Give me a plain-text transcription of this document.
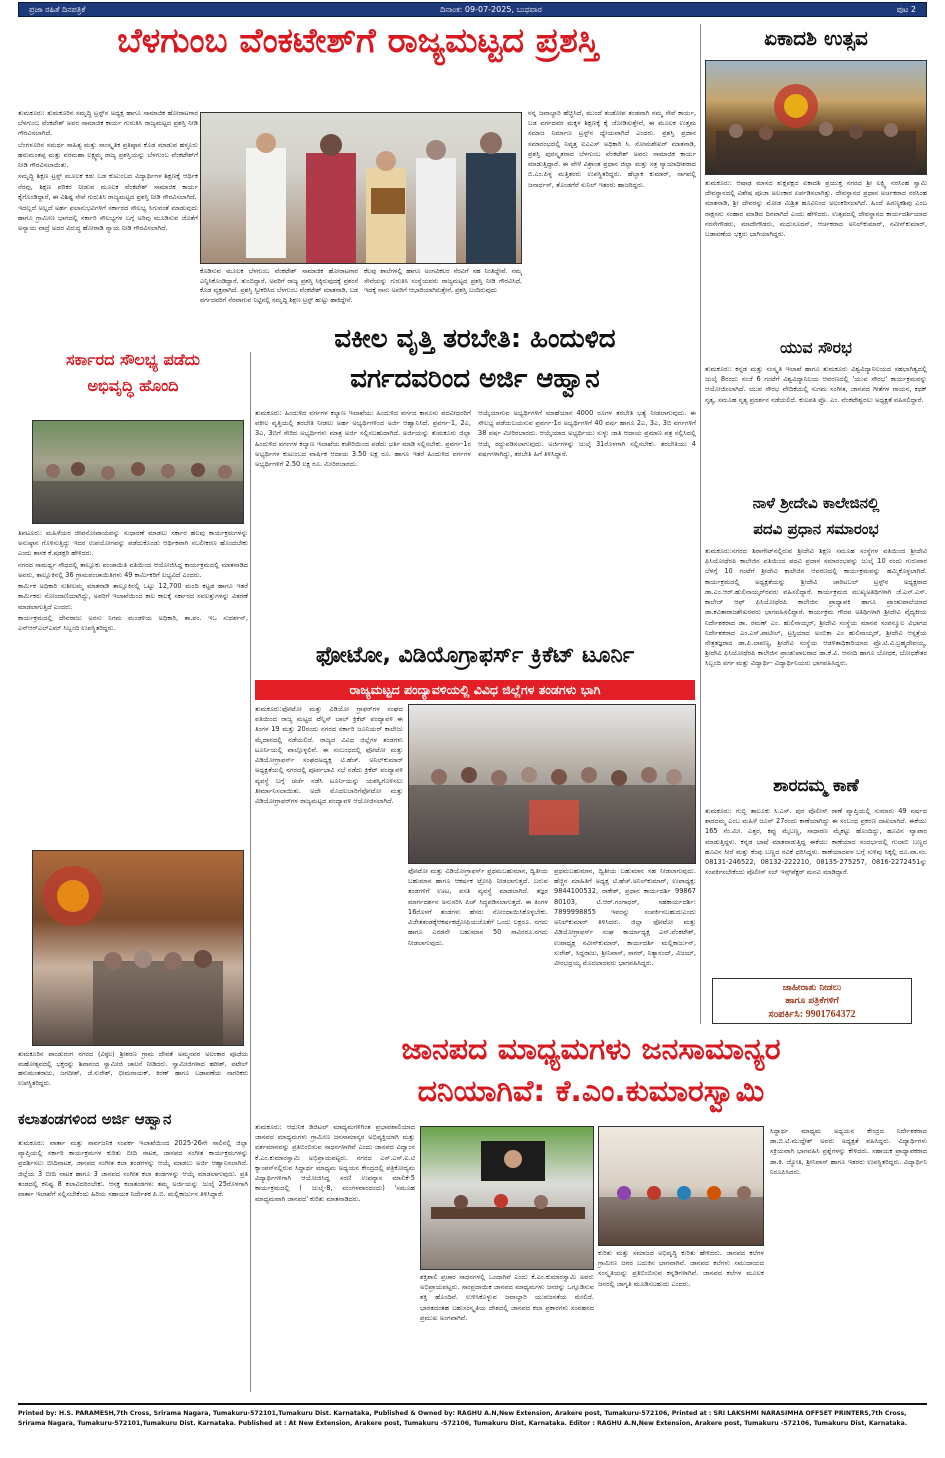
ಪ್ರಜಾ ರಹಿತೆ ದಿನಪತ್ರಿಕೆ	ದಿನಾಂಕ: 09-07-2025, ಬುಧವಾರ	ಪುಟ 2
ಬೆಳಗುಂಬ ವೆಂಕಟೇಶ್‌ಗೆ ರಾಜ್ಯಮಟ್ಟದ ಪ್ರಶಸ್ತಿ	ಏಕಾದಶಿ ಉತ್ಸವ
ತುಮಕೂರು: ಆಷಾಢ ಮಾಸದ ಶುಕ್ಲಪಕ್ಷದ ಏಕಾದಶಿ ಪ್ರಯುಕ್ತ ನಗರದ ಶ್ರೀ ಲಕ್ಷ್ಮಿ ನರಸಿಂಹ ಸ್ವಾಮಿ ದೇವಸ್ಥಾನದಲ್ಲಿ ವಿಶೇಷ ಪೂಜಾ ಅಲಂಕಾರ ಏರ್ಪಡಿಸಲಾಗಿತ್ತು. ದೇವಸ್ಥಾನದ ಪ್ರಧಾನ ಅರ್ಚಕರಾದ ನರಸಿಂಹ ಮಾತನಾಡಿ, ಶ್ರೀ ದೇವರನ್ನು ಮೋಡ ಮಿಶ್ರಿತ ಹೂವಿನಿಂದ ಅಲಂಕರಿಸಲಾಗಿದೆ. ಹಿಂದೆ ಹಿರಣ್ಯಕಶಿಪು ಎಂಬ ರಾಕ್ಷಸನು ಸಂಹಾರ ಮಾಡಿದ ದಿನವಾಗಿದೆ ಎಂದು ಹೇಳಿದರು. ಉತ್ಸವದಲ್ಲಿ ದೇವಸ್ಥಾನದ ಕಾರ್ಯದರ್ಶಿಯಾದ ನರಸೇಗೌಡರು, ಮಾದೇಗೌಡರು, ಮಧುಸೂದನ್, ಆರ್ಚಕರಾದ ಅನಿಲ್‌ಕುಮಾರ್, ನವೀನ್‌ಕುಮಾರ್, ಬಡಾವಣೆಯ ಭಕ್ತರು ಭಾಗಿಯಾಗಿದ್ದರು.
ಯುವ ಸೌರಭ
ತುಮಕೂರು: ಕನ್ನಡ ಮತ್ತು ಸಂಸ್ಕೃತಿ ಇಲಾಖೆ ಹಾಗೂ ತುಮಕೂರು ವಿಶ್ವವಿದ್ಯಾನಿಲಯದ ಸಹಭಾಗಿತ್ವದಲ್ಲಿ ಜುಲೈ 8ರಂದು ಸಂಜೆ 6 ಗಂಟೆಗೆ ವಿಶ್ವವಿದ್ಯಾನಿಲಯ ಆವರಣದಲ್ಲಿ 'ಯುವ ಸೌರಭ' ಕಾರ್ಯಕ್ರಮವನ್ನು ಆಯೋಜಿಸಲಾಗಿದೆ. ಯುವ ಸೌರಭ ವೇದಿಕೆಯಲ್ಲಿ ಸುಗಮ ಸಂಗೀತ, ಜಾನಪದ ಗೀತೆಗಳ ಗಾಯನ, ಕಥಕ್ ನೃತ್ಯ, ಸಮೂಹ ನೃತ್ಯ ಪ್ರದರ್ಶನ ನಡೆಯಲಿದೆ. ಕುಲಪತಿ ಪ್ರೊ. ಎಂ. ವೆಂಕಟೇಶ್ವರಲು ಅಧ್ಯಕ್ಷತೆ ವಹಿಸಲಿದ್ದಾರೆ.
ನಾಳೆ ಶ್ರೀದೇವಿ ಕಾಲೇಜಿನಲ್ಲಿ
ಪದವಿ ಪ್ರಧಾನ ಸಮಾರಂಭ
ತುಮಕೂರು:ನಗರದ ಶಿರಾಗೇಟ್‌ನಲ್ಲಿರುವ ಶ್ರೀದೇವಿ ಶಿಕ್ಷಣ ಸಮೂಹ ಸಂಸ್ಥೆಗಳ ವತಿಯಿಂದ ಶ್ರೀದೇವಿ ಫಿಸಿಯೋಥೆರಪಿ ಕಾಲೇಜಿನ ವತಿಯಿಂದ ಪದವಿ ಪ್ರದಾನ ಸಮಾರಂಭವನ್ನು ಜುಲೈ 10 ರಂದು ಗುರುವಾರ ಬೆಳಗ್ಗೆ 10 ಗಂಟೆಗೆ ಶ್ರೀದೇವಿ ಕಾಲೇಜಿನ ಆವರಣದಲ್ಲಿ ಕಾರ್ಯಕ್ರಮವನ್ನು ಹಮ್ಮಿಕೊಳ್ಳಲಾಗಿದೆ. ಕಾರ್ಯಕ್ರಮದಲ್ಲಿ ಅಧ್ಯಕ್ಷತೆಯನ್ನು ಶ್ರೀದೇವಿ ಚಾರಿಟಬಲ್ ಟ್ರಸ್ಟ್‌ನ ಅಧ್ಯಕ್ಷರಾದ ಡಾ.ಎಂ.ಆರ್.ಹುಲಿನಾಯ್ಕರ್‌ರವರು ವಹಿಸಲಿದ್ದಾರೆ. ಕಾರ್ಯಕ್ರಮದ ಮುಖ್ಯಅತಿಥಿಗಳಾಗಿ ಜೆ.ಎಸ್.ಎಸ್. ಕಾಲೇಜ್ ಆಫ್ ಫಿಸಿಯೋಥೆರಪಿ ಕಾಲೇಜಿನ ಪ್ರಾಧ್ಯಾಪಕಿ ಹಾಗೂ ಪ್ರಾಂಶುಪಾಲೆಯಾದ ಡಾ.ಕವಿತಾರಾಜಶೇಖರವರು ಭಾಗವಹಿಸಲಿದ್ದಾರೆ. ಕಾರ್ಯಕ್ರಮ ಗೌರವ ಅತಿಥಿಗಳಾಗಿ ಶ್ರೀದೇವಿ ವೈದ್ಯಕೀಯ ನಿರ್ದೇಶಕರಾದ ಡಾ. ರಮಣ್ ಎಂ. ಹುಲಿನಾಯ್ಕರ್, ಶ್ರೀದೇವಿ ಸಂಸ್ಥೆಯ ಮಾನವ ಸಂಪನ್ಮೂಲ ವಿಭಾಗದ ನಿರ್ದೇಶಕರಾದ ಎಂ.ಎಸ್.ಪಾಟೀಲ್, ಟ್ರಸ್ಟಿಯಾದ ಅಂಬಿಕಾ ಎಂ ಹುಲಿನಾಯ್ಕರ್, ಶ್ರೀದೇವಿ ಆಸ್ಪತ್ರೆಯ ನೇತ್ರತಜ್ಞರಾದ ಡಾ.ಪಿ.ಲಾವಣ್ಯ, ಶ್ರೀದೇವಿ ಸಂಸ್ಥೆಯ ಆಡಳಿತಾಧಿಕಾರಿಯಾದ ಪ್ರೊ.ಟಿ.ವಿ.ಬ್ರಹ್ಮದೇವಯ್ಯ, ಶ್ರೀದೇವಿ ಫಿಸಿಯೋಥೆರಪಿ ಕಾಲೇಜಿನ ಪ್ರಾಂಶುಪಾಲರಾದ ಡಾ.ಕೆ.ವಿ. ಆನಂದಿ ಹಾಗೂ ಬೋಧಕ, ಬೋಧಕೇತರ ಸಿಬ್ಬಂದಿ ವರ್ಗ ಮತ್ತು ವಿದ್ಯಾರ್ಥಿ- ವಿದ್ಯಾರ್ಥಿನಿಯರು ಭಾಗವಹಿಸಿದ್ದರು.
ಶಾರದಮ್ಮ ಕಾಣೆ
ತುಮಕೂರು: ಗುಬ್ಬಿ ತಾಲೂಕು ಸಿ.ಎಸ್. ಪುರ ಪೊಲೀಸ್ ಠಾಣೆ ವ್ಯಾಪ್ತಿಯಲ್ಲಿ ಸುಮಾರು 49 ವರ್ಷದ ಶಾರದಮ್ಮ ಎಂಬ ಮಹಿಳೆ ಜೂನ್ 27ರಂದು ಕಾಣೆಯಾಗಿದ್ದು ಈ ಸಂಬಂಧ ಪ್ರಕರಣ ದಾಖಲಾಗಿದೆ. ಈಕೆಯು 165 ಸೆಂ.ಮೀ. ಎತ್ತರ, ಕಪ್ಪು ಮೈಬಣ್ಣ, ಸಾಧಾರಣ ಮೈಕಟ್ಟು ಹೊಂದಿದ್ದು, ಹೂವಿನ ವ್ಯಾಪಾರ ಮಾಡುತ್ತಿದ್ದಳು. ಕನ್ನಡ ಭಾಷೆ ಮಾತನಾಡುತ್ತಿದ್ದ ಈಕೆಯು ಕಾಣೆಯಾದ ಸಂದರ್ಭದಲ್ಲಿ ಗುಲಾಬಿ ಬಣ್ಣದ ಹೂವಿನ ಸೀರೆ ಮತ್ತು ಕೆಂಪು ಬಣ್ಣದ ರವಿಕೆ ಧರಿಸಿದ್ದಳು. ಕಾಣೆಯಾದವಳ ಬಗ್ಗೆ ಸುಳಿವು ಸಿಕ್ಕಲ್ಲಿ ದೂ.ವಾ.ಸಂ. 08131-246522, 08132-222210, 08135-275257, 0816-2272451ನ್ನು ಸಂಪರ್ಕಿಸಬೇಕೆಂದು ಪೊಲೀಸ್ ಸಬ್ ಇನ್ಸ್‌ಪೆಕ್ಟರ್ ಮನವಿ ಮಾಡಿದ್ದಾರೆ.
ಜಾಹೀರಾತು ನೀಡಲು
ಹಾಗೂ ಪತ್ರಿಕೆಗಳಿಗೆ
ಸಂಪರ್ಕಿಸಿ: 9901764372

ತುಮಕೂರು: ತುಮಕೂರಿನ ಸಮೃದ್ಧಿ ಟ್ರಸ್ಟ್‌ನ ಅಧ್ಯಕ್ಷ ಹಾಗೂ ಸಾಮಾಜಿಕ ಹೋರಾಟಗಾರ ಬೆಳಗುಂಬ ವೆಂಕಟೇಶ್ ಅವರ ಸಾಮಾಜಿಕ ಕಾರ್ಯ ಗುರುತಿಸಿ ರಾಜ್ಯಮಟ್ಟದ ಪ್ರಶಸ್ತಿ ನೀಡಿ ಗೌರವಿಸಲಾಗಿದೆ.

ಬೆಂಗಳೂರಿನ ಸಮರ್ಥ ಸಾಹಿತ್ಯ ಮತ್ತು ಸಾಂಸ್ಕೃತಿಕ ಪ್ರತಿಷ್ಠಾನ ಕೊಡ ಮಾಡುವ ಹಳ್ಳೂರು ಹನುಮಂತಪ್ಪ ಮತ್ತು ವರಮಹಾ ಲಕ್ಷ್ಮಮ್ಮ ರಾಜ್ಯ ಪ್ರಶಸ್ತಿಯನ್ನು ಬೆಳಗುಂಬ ವೆಂಕಟೇಶ್‌ಗೆ ನೀಡಿ ಗೌರವಿಸಲಾಯಿತು.

ಸಮೃದ್ಧಿ ಶಿಕ್ಷಣ ಟ್ರಸ್ಟ್ ಮೂಲಕ ಕಡು ಬಡ ಕುಟುಂಬದ ವಿದ್ಯಾರ್ಥಿಗಳ ಶಿಕ್ಷಣಕ್ಕೆ ಆರ್ಥಿಕ ನೆರವು, ಶಿಕ್ಷಣ ಪರಿಕರ ನೀಡುವ ಮೂಲಕ ವೆಂಕಟೇಶ್ ಸಾಮಾಜಿಕ ಕಾರ್ಯ ಕೈಗೊಂಡಿದ್ದಾರೆ, ಈ ವಿಶಿಷ್ಟ ಸೇವೆ ಗುರುತಿಸಿ ರಾಜ್ಯಮಟ್ಟದ ಪ್ರಶಸ್ತಿ ನೀಡಿ ಗೌರವಿಸಲಾಗಿದೆ.

ಇದಲ್ಲದೆ ಅಲ್ಲದೆ ಅರ್ಹ ಫಲಾನುಭವಿಗಳಿಗೆ ಸರ್ಕಾರದ ಸೌಲಭ್ಯ ಸಿಗುವಂತೆ ಮಾಡುವುದು ಹಾಗೂ ಗ್ರಾಮೀಣ ಭಾಗದಲ್ಲಿ ಸರ್ಕಾರಿ ಸೌಲಭ್ಯಗಳ ಬಗ್ಗೆ ಅರಿವು ಮೂಡಿಸುವ ಜೊತೆಗೆ ಅನ್ಯಾಯ ವಾದ್ರೆ ಅದರ ವಿರುದ್ಧ ಹೋರಾಡಿ ನ್ಯಾಯ ನೀಡಿ ಗೌರವಿಸಲಾಗಿದೆ.

ಕೊಡಿಸುವ ಮೂಲಕ ಬೆಳಗುಂಬ ವೆಂಕಟೇಶ್ ಸಾಮಾಜಿಕ ಹೋರಾಟಗಾರ ಎನ್ನಿಸಿಕೊಂಡಿದ್ದಾರೆ. ತುಂಬಿದ್ದಾರೆ, ಅವರಿಗೆ ರಾಜ್ಯ ಪ್ರಶಸ್ತಿ ಸಿಕ್ಕಿರುವುದಕ್ಕೆ ಪ್ರಶಂಸೆ ಕೊಡ ವ್ಯಕ್ತವಾಗಿದೆ. ಪ್ರಶಸ್ತಿ ಸ್ವೀಕರಿಸಿದ ಬೆಳಗುಂಬ ವೆಂಕಟೇಶ್ ಮಾತನಾಡಿ, ಬಡ ವರ್ಗದವರಿಗೆ ನೆರವಾಗುವ ನಿಟ್ಟಿನಲ್ಲಿ ಸಮೃದ್ಧಿ ಶಿಕ್ಷಣ ಟ್ರಸ್ಟ್ ಹುಟ್ಟು ಹಾಕಿದ್ದೇನೆ.
ಕೆಲವು ಶಾಲೆಗಳಲ್ಲಿ ಹಾಗೂ ಅಂಗವಿಕಲರ ನೆರವಿಗೆ ಸಹ ನಿಂತಿದ್ದೇವೆ. ನಮ್ಮ ಸೇವೆಯನ್ನು ಗುರುತಿಸಿ ಸಂಸ್ಥೆಯವರು ರಾಜ್ಯಮಟ್ಟದ ಪ್ರಶಸ್ತಿ ನೀಡಿ ಗೌರವಿಸಿದೆ, ಇದಕ್ಕೆ ನಾನು ಅವರಿಗೆ ಆಭಾರಿಯಾಗಿರುತ್ತೇನೆ, ಪ್ರಶಸ್ತಿ ಬಂದಿರುವುದು
ನನ್ನ ಜವಾಬ್ದಾರಿ ಹೆಚ್ಚಿಸಿದೆ, ಮುಂದೆ ತಂಡೋಪ ತಂಡವಾಗಿ ನಮ್ಮ ಸೇವೆ ಕಾರ್ಯ, ಬಡ ವರ್ಗದವರ ಮಕ್ಕಳ ಶಿಕ್ಷಣಕ್ಕೆ ಕೈ ಜೋಡಿಸುತ್ತೇವೆ, ಈ ಮೂಲಕ ಉತ್ತಮ ಸಮಾಜ ನಿರ್ಮಾಣ ಟ್ರಸ್ಟ್‌ನ ಧ್ಯೇಯವಾಗಿದೆ ಎಂದರು. ಪ್ರಶಸ್ತಿ ಪ್ರದಾನ ಸಮಾರಂಭದಲ್ಲಿ ನಿವೃತ್ತ ಐಎಎಸ್ ಅಧಿಕಾರಿ ಸಿ. ಸೋಮಶೇಖರ್ ಮಾತನಾಡಿ, ಪ್ರಶಸ್ತಿ ಪುರಸ್ಕೃತರಾದ ಬೆಳಗುಂಬ ವೆಂಕಟೇಶ್ ಅವರು ಸಾಮಾಜಿಕ ಕಾರ್ಯ ಮಾಡುತ್ತಿದ್ದಾರೆ. ಈ ವೇಳೆ ವಿಶ್ರಾಂತ ಪ್ರಧಾನ ಜಿಲ್ಲಾ ಮತ್ತು ಸತ್ರ ನ್ಯಾಯಾಧೀಶರಾದ ಬಿ.ಎಂ.ಪಿಳ್ಳ ಮತ್ತಿತರರು ಉಪಸ್ಥಿತರಿದ್ದರು. ಹೆಬ್ಬಾಕ ಕುಮಾರ್, ನಾಗವಲ್ಲಿ ಜನಾರ್ಧನ್, ತೊಂಡಗೆರೆ ಸುನಿಲ್ ಇತರರು ಹಾಜರಿದ್ದರು.
ಸರ್ಕಾರದ ಸೌಲಭ್ಯ ಪಡೆದು
ಅಭಿವೃದ್ಧಿ ಹೊಂದಿ

ತಿಪಟೂರು: ಮಹಿಳೆಯರ ಜೀವನೋಪಾಯವನ್ನು ಸುಧಾರಣೆ ಮಾಡಲು ಸರ್ಕಾರ ಹಲವು ಕಾರ್ಯಕ್ರಮಗಳನ್ನು ಅನುಷ್ಠಾನ ಗೊಳಿಸುತ್ತಿದ್ದು ಇದರ ಉಪಯೋಗವನ್ನು ಪಡೆದುಕೊಂಡು ಆರ್ಥಿಕವಾಗಿ ಸಬಲೀಕರಣ ಹೊಂದಬೇಕು ಎಂದು ಶಾಸಕ ಕೆ.ಷಡಕ್ಷರಿ ಹೇಳಿದರು.

ನಗರದ ಸಾಮರ್ಥ್ಯ ಸೌಧದಲ್ಲಿ ತಾಲ್ಲೂಕು ಪಂಚಾಯಿತಿ ವತಿಯಿಂದ ಆಯೋಜಿಸಿದ್ದ ಕಾರ್ಯಕ್ರಮದಲ್ಲಿ ಮಾತನಾಡಿದ ಅವರು, ತಾಲ್ಲೂಕಿನಲ್ಲಿ 36 ಗ್ರಾಮಪಂಚಾಯಿತಿಗಳು 49 ಕಾರ್ಮಿಕರಿಗೆ ಲಭ್ಯವಿದೆ ಎಂದರು.

ಕಾರ್ಮಿಕ ಅಧಿಕಾರಿ ಸುಶೀಲಮ್ಮ ಮಾತನಾಡಿ ತಾಲ್ಲೂಕಿನಲ್ಲಿ ಒಟ್ಟು 12,700 ಮಂದಿ ಕಟ್ಟಡ ಹಾಗೂ ಇತರೆ ಕಾರ್ಮಿಕರು ನೋಂದಾಣಿಯಾಗಿದ್ದು, ಅವರಿಗೆ ಇಲಾಖೆಯಿಂದ ಕಾಲ ಕಾಲಕ್ಕೆ ಸರ್ಕಾರದ ಸವಲತ್ತುಗಳನ್ನು ವಿತರಣೆ ಮಾಡಲಾಗುತ್ತಿದೆ ಎಂದರು.

ಕಾರ್ಯಕ್ರಮದಲ್ಲಿ ದೇವರಾಜು ಅರಸು ನಿಗಮ ಮಂಡಳಿಯ ಅಧಿಕಾರಿ, ತಾ.ಪಂ. ಇಒ ಸುದರ್ಶನ್, ಎನ್‌ಆರ್‌ಎಲ್‌ಎಮ್ ಸಿಬ್ಬಂದಿ ಉಪಸ್ಥಿತರಿದ್ದರು.

ತುಮಕೂರಿನ ಪಾಂಡುರಂಗ ನಗರದ (ವಿಠ್ಠಲ) ಶ್ರೀಶರಣ ಗ್ರಾಮ ದೇವತೆ ಅಮ್ಮನವರ ಅಲಂಕಾರ ಪೂಜೆಯ ಮಹೋತ್ಸವದಲ್ಲಿ ಭಕ್ತರನ್ನು ಶಿವಾನಂದ ಸ್ವಾಮೀಜಿ ಚಾಲನೆ ನೀಡಿದರು. ಸ್ವಾಮೀಜಿಗಳಾದ ಹರೀಶ್, ಪಟೇಲ್ ಹನುಮಂತರಾಜು, ಜಗದೀಶ್, ಜೆ.ಸುರೇಶ್, ಭೀಮನಾಯಕ್, ಕಿರಣ್ ಹಾಗೂ ಬಡಾವಣೆಯ ನಾಗರಿಕರು ಉಪಸ್ಥಿತರಿದ್ದರು.
ಕಲಾತಂಡಗಳಿಂದ ಅರ್ಜಿ ಆಹ್ವಾನ
ತುಮಕೂರು: ವಾರ್ತಾ ಮತ್ತು ಸಾರ್ವಜನಿಕ ಸಂಪರ್ಕ ಇಲಾಖೆಯಿಂದ 2025-26ನೇ ಸಾಲಿನಲ್ಲಿ ಜಿಲ್ಲಾ ವ್ಯಾಪ್ತಿಯಲ್ಲಿ ಸರ್ಕಾರಿ ಕಾರ್ಯಕ್ರಮಗಳ ಕುರಿತು ಬೀದಿ ನಾಟಕ, ಜಾನಪದ ಸಂಗೀತ ಕಾರ್ಯಕ್ರಮಗಳನ್ನು ಪ್ರದರ್ಶಿಸಲು ಬೀದಿನಾಟಕ, ಜಾನಪದ ಸಂಗೀತ ಕಲಾ ತಂಡಗಳನ್ನು ಆಯ್ಕೆ ಮಾಡಲು ಅರ್ಜಿ ಆಹ್ವಾನಿಸಲಾಗಿದೆ. ಜಿಲ್ಲೆಯ 3 ಬೀದಿ ನಾಟಕ ಹಾಗೂ 3 ಜಾನಪದ ಸಂಗೀತ ಕಲಾ ತಂಡಗಳನ್ನು ಆಯ್ಕೆ ಮಾಡಲಾಗುವುದು. ಪ್ರತಿ ತಂಡದಲ್ಲಿ ಕನಿಷ್ಟ 8 ಕಲಾವಿದರಿರಬೇಕು. ಆಸಕ್ತ ಕಲಾತಂಡಗಳು ತಮ್ಮ ಅರ್ಜಿಯನ್ನು ಜುಲೈ 25ರೊಳಗಾಗಿ ವಾರ್ತಾ ಇಲಾಖೆಗೆ ಸಲ್ಲಿಸಬೇಕೆಂದು ಹಿರಿಯ ಸಹಾಯಕ ನಿರ್ದೇಶಕ ಪಿ.ಬಿ. ಮಲ್ಲಿಕಾರ್ಜುನ ತಿಳಿಸಿದ್ದಾರೆ.
ವಕೀಲ ವೃತ್ತಿ ತರಬೇತಿ: ಹಿಂದುಳಿದ
ವರ್ಗದವರಿಂದ ಅರ್ಜಿ ಆಹ್ವಾನ
ತುಮಕೂರು: ಹಿಂದುಳಿದ ವರ್ಗಗಳ ಕಲ್ಯಾಣ ಇಲಾಖೆಯು ಹಿಂದುಳಿದ ವರ್ಗದ ಕಾನೂನು ಪದವೀಧರರಿಗೆ ವಕೀಲ ವೃತ್ತಿಯಲ್ಲಿ ತರಬೇತಿ ನೀಡಲು ಅರ್ಹ ಅಭ್ಯರ್ಥಿಗಳಿಂದ ಅರ್ಜಿ ಆಹ್ವಾನಿಸಿದೆ. ಪ್ರವರ್ಗ-1, 2ಎ, 3ಎ, 3ಬಿಗೆ ಸೇರಿದ ಅಭ್ಯರ್ಥಿಗಳು ಮಾತ್ರ ಅರ್ಜಿ ಸಲ್ಲಿಸಬಹುದಾಗಿದೆ. ಅರ್ಜಿಯನ್ನು ತುಮಕೂರು ಜಿಲ್ಲಾ ಹಿಂದುಳಿದ ವರ್ಗಗಳ ಕಲ್ಯಾಣ ಇಲಾಖೆಯ ಕಚೇರಿಯಿಂದ ಪಡೆದು ಭರ್ತಿ ಮಾಡಿ ಸಲ್ಲಿಸಬೇಕು. ಪ್ರವರ್ಗ-1ರ ಅಭ್ಯರ್ಥಿಗಳ ಕುಟುಂಬದ ವಾರ್ಷಿಕ ಆದಾಯ 3.50 ಲಕ್ಷ ರೂ. ಹಾಗೂ ಇತರೆ ಹಿಂದುಳಿದ ವರ್ಗಗಳ ಅಭ್ಯರ್ಥಿಗಳಿಗೆ 2.50 ಲಕ್ಷ ರೂ. ಮೀರಿರಬಾರದು.
ಆಯ್ಕೆಯಾಗುವ ಅಭ್ಯರ್ಥಿಗಳಿಗೆ ಮಾಹೆಯಾನ 4000 ರೂಗಳ ತರಬೇತಿ ಭತ್ಯೆ ನೀಡಲಾಗುವುದು. ಈ ಸೌಲಭ್ಯ ಪಡೆಯಬಯಸುವ ಪ್ರವರ್ಗ-1ರ ಅಭ್ಯರ್ಥಿಗಳಿಗೆ 40 ವರ್ಷ ಹಾಗೂ 2ಎ, 3ಎ, 3ಬಿ ವರ್ಗಗಳಿಗೆ 38 ವರ್ಷ ಮೀರಿರಬಾರದು. ಆಯ್ಕೆಯಾದ ಅಭ್ಯರ್ಥಿಯು ಸುಳ್ಳು ಜಾತಿ ಆದಾಯ ಪ್ರಮಾಣ ಪತ್ರ ಸಲ್ಲಿಸಿದಲ್ಲಿ ಆಯ್ಕೆ ರದ್ದುಪಡಿಸಲಾಗುವುದು. ಅರ್ಜಿಗಳನ್ನು ಜುಲೈ 31ರೊಳಗಾಗಿ ಸಲ್ಲಿಸಬೇಕು. ತರಬೇತಿಯು 4 ವರ್ಷಗಳಾಗಿದ್ದು, ತರಬೇತಿ ಹಿಗೆ ತಿಳಿಸಿದ್ದಾರೆ.
ಫೋಟೋ, ವಿಡಿಯೊಗ್ರಾಫರ್ಸ್ ಕ್ರಿಕೆಟ್ ಟೂರ್ನಿ
ರಾಜ್ಯಮಟ್ಟದ ಪಂದ್ಯಾವಳಿಯಲ್ಲಿ ವಿವಿಧ ಜಿಲ್ಲೆಗಳ ತಂಡಗಳು ಭಾಗಿ
ತುಮಕೂರು:ಫೋಟೋ ಮತ್ತು ವಿಡಿಯೋ ಗ್ರಾಫರ್‌ಗಳ ಸಂಘದ ವತಿಯಿಂದ ರಾಜ್ಯ ಮಟ್ಟದ ಟೆನ್ನಿಸ್ ಬಾಲ್ ಕ್ರಿಕೆಟ್ ಪಂದ್ಯಾವಳಿ ಈ ತಿಂಗಳ 19 ಮತ್ತು 20ರಂದು ನಗರದ ಸರ್ಕಾರಿ ಜೂನಿಯರ್ ಕಾಲೇಜು ಮೈದಾನದಲ್ಲಿ ನಡೆಯಲಿದೆ. ರಾಜ್ಯದ ವಿವಿಧ ಜಿಲ್ಲೆಗಳ ತಂಡಗಳು ಟೂರ್ನಿಯಲ್ಲಿ ಪಾಲ್ಗೊಳ್ಳಲಿವೆ. ಈ ಸಂಬಂಧದಲ್ಲಿ ಫೋಟೋ ಮತ್ತು ವಿಡಿಯೋಗ್ರಾಫರ್ಸ್ ಸಂಘದಅಧ್ಯಕ್ಷ ಟಿ.ಹೆಚ್. ಅನಿಲ್‌ಕುಮಾರ್ ಅಧ್ಯಕ್ಷತೆಯಲ್ಲಿ ನಗರದಲ್ಲಿ ಪೂರ್ವಭಾವಿ ಸಭೆ ನಡೆದು ಕ್ರಿಕೆಟ್ ಪಂದ್ಯಾವಳಿ ವ್ಯವಸ್ಥೆ ಬಗ್ಗೆ ಚರ್ಚೆ ನಡೆಸಿ ಟೂರ್ನಿಯನ್ನು ಯಶಸ್ವಿಗೊಳಿಸಲು ತೀರ್ಮಾನಿಸಲಾಯಿತು. ಅದೇ ಮೊದಲಬಾರಿಗೆಫೋಟೋ ಮತ್ತು ವಿಡಿಯೋಗ್ರಾಫರ್‌ಗಳ ರಾಜ್ಯಮಟ್ಟದ ಪಂದ್ಯಾವಳಿ ಆಯೋಜಿಸಲಾಗಿದೆ.
ಫೋಟೋ ಮತ್ತು ವಿಡಿಯೋಗ್ರಾಫರ್ಸ್ ಪ್ರಥಮಬಹುಮಾನ, ದ್ವಿತೀಯ ಬಹುಮಾನ ಹಾಗೂ ಆಕರ್ಷಕ ಟ್ರೋಫಿ ನೀಡಲಾಗುತ್ತದೆ. ಬರುವ ತಂಡಗಳಿಗೆ ಊಟ, ವಸತಿ ವ್ಯವಸ್ಥೆ ಮಾಡಲಾಗಿದೆ. ತಜ್ಞರ ಮಾರ್ಗದರ್ಶನ ಅನುಸರಿಸಿ ಪಿಚ್ ಸಿದ್ಧಪಡಿಸಲಾಗುತ್ತದೆ. ಈ ತಿಂಗಳ 16ರೊಳಗೆ ತಂಡಗಳು ಹೆಸರು ನೋಂದಾಯಿಸಿಕೊಳ್ಳಬೇಕು. ವಿಜೇತತಂಡಕ್ಕೆಆಕರ್ಷಕಟ್ರೋಫಿಯಜೊತೆಗೆ ಒಂದು ಲಕ್ಷರೂ. ನಗದು ಹಾಗೂ ಎರಡನೇ ಬಹುಮಾನ 50 ಸಾವಿರರೂ.ನಗದು ನೀಡಲಾಗುವುದು.
ಪ್ರಥಮಬಹುಮಾನ, ದ್ವಿತೀಯ ಬಹುಮಾನ ಸಹ ನೀಡಲಾಗುವುದು. ಹೆಚ್ಚಿನ ಮಾಹಿತಿಗೆ ಅಧ್ಯಕ್ಷ ಟಿ.ಹೆಚ್.ಅನಿಲ್‌ಕುಮಾರ್, ಉಪಾಧ್ಯಕ್ಷ: 9844100532, ರಾಕೇಶ್, ಪ್ರಧಾನ ಕಾರ್ಯದರ್ಶಿ 99867 80103, ಟಿ.ಆರ್.ಗಂಗಾಧರ್, ಸಹಕಾರ್ಯದರ್ಶಿ: 7899998855 ಇವರನ್ನು ಸಂಪರ್ಕಿಸಬಹುದುಎಂದು ಅನಿಲ್‌ಕುಮಾರ್ ತಿಳಿಸಿದರು. ಜಿಲ್ಲಾ ಫೋಟೋ ಮತ್ತು ವಿಡಿಯೋಗ್ರಾಫರ್ಸ್ ಸಂಘ ಕಾರ್ಯಾಧ್ಯಕ್ಷ ಎನ್.ವೆಂಕಟೇಶ್, ಉಪಾಧ್ಯಕ್ಷ ನವೀನ್‌ಕುಮಾರ್, ಕಾರ್ಯದರ್ಶಿ ಮಲ್ಲಿಕಾರ್ಜುನ್, ಸುರೇಶ್, ಸಿದ್ದರಾಜು, ಶ್ರೀನಿವಾಸ್, ಸಾಗರ್, ನಿತ್ಯಾನಂದ್, ವಿಜಯ್, ವೀರಭದ್ರಯ್ಯ ಮೊದಲಾದವರು ಭಾಗವಹಿಸಿದ್ದರು.
ಜಾನಪದ ಮಾಧ್ಯಮಗಳು ಜನಸಾಮಾನ್ಯರ
ದನಿಯಾಗಿವೆ: ಕೆ.ಎಂ.ಕುಮಾರಸ್ವಾಮಿ
ತುಮಕೂರು: ಆಧುನಿಕ ಡಿಜಿಟಲ್ ಮಾಧ್ಯಮಗಳಿಗಿಂತ ಪ್ರಭಾವಶಾಲಿಯಾದ ಜಾನಪದ ಮಾಧ್ಯಮಗಳು ಗ್ರಾಮೀಣ ಜನಸಾಮಾನ್ಯರ ಅಭಿವ್ಯಕ್ತಿಯಾಗಿ ಮತ್ತು ವರ್ತಮಾನವನ್ನು ಪ್ರತಿಬಿಂಬಿಸುವ ಸಾಧನಗಳಾಗಿವೆ ಎಂದು ಜಾನಪದ ವಿದ್ವಾಂಸ ಕೆ.ಎಂ.ಕುಮಾರಸ್ವಾಮಿ ಅಭಿಪ್ರಾಯಪಟ್ಟರು. ನಗರದ ಎಸ್.ಎಸ್.ಐ.ಟಿ ಕ್ಯಾಂಪಸ್‌ನಲ್ಲಿರುವ ಸಿದ್ಧಾರ್ಥ ಮಾಧ್ಯಮ ಅಧ್ಯಯನ ಕೇಂದ್ರದಲ್ಲಿ ಪತ್ರಿಕೋದ್ಯಮ ವಿದ್ಯಾರ್ಥಿಗಳಿಗಾಗಿ ಆಯೋಜಿಸಿದ್ದ ಸರಣಿ ಉಪನ್ಯಾಸ ಮಾಲಿಕೆ-5 ಕಾರ್ಯಕ್ರಮದಲ್ಲಿ ( ಜುಲೈ-8, ಮಂಗಳವಾರದಂದು) 'ಸಮೂಹ ಮಾಧ್ಯಮವಾಗಿ ಜಾನಪದ' ಕುರಿತು ಮಾತನಾಡಿದರು.
ಶಕ್ತಿಶಾಲಿ ಪ್ರಚಾರ ಸಾಧನಗಳಲ್ಲಿ ಒಂದಾಗಿವೆ ಎಂದು ಕೆ.ಎಂ.ಕುಮಾರಸ್ವಾಮಿ ಅವರು ಅಭಿಪ್ರಾಯಪಟ್ಟರು. ಸಾಂಪ್ರದಾಯಿಕ ಜಾನಪದ ಮಾಧ್ಯಮಗಳು ಜನರನ್ನು ಒಗ್ಗೂಡಿಸುವ ಶಕ್ತಿ ಹೊಂದಿವೆ. ಉಳಿಸಿಕೊಳ್ಳುವ ಜವಾಬ್ದಾರಿ ಯುವಜನತೆಯ ಮೇಲಿದೆ. ಭಾರತದಂತಹ ಬಹುಸಂಸ್ಕೃತಿಯ ದೇಶದಲ್ಲಿ ಜಾನಪದ ಕಲಾ ಪ್ರಕಾರಗಳು ಸಂವಹನದ ಪ್ರಮುಖ ಅಂಗವಾಗಿವೆ.
ಕುರಿತು ಮತ್ತು ಸಮಾಜದ ಅಭಿವೃದ್ಧಿ ಕುರಿತು ಹೇಳಿದರು. ಜಾನಪದ ಕಲೆಗಳ ಗ್ರಾಮೀಣ ಜನರ ಬದುಕಿನ ಭಾಗವಾಗಿವೆ. ಜಾನಪದ ಕಲೆಗಳು ಸಮುದಾಯದ ಸಂಸ್ಕೃತಿಯನ್ನು ಪ್ರತಿಬಿಂಬಿಸುವ ಕನ್ನಡಿಗಳಾಗಿವೆ. ಜಾನಪದ ಕಲೆಗಳ ಮೂಲಕ ಜನರಲ್ಲಿ ಜಾಗೃತಿ ಮೂಡಿಸಬಹುದು ಎಂದರು.
ಸಿದ್ಧಾರ್ಥ ಮಾಧ್ಯಮ ಅಧ್ಯಯನ ಕೇಂದ್ರದ ನಿರ್ದೇಶಕರಾದ ಡಾ.ಬಿ.ಟಿ.ಮುದ್ದೇಶ್ ಅವರು ಅಧ್ಯಕ್ಷತೆ ವಹಿಸಿದ್ದರು. ವಿದ್ಯಾರ್ಥಿಗಳು ಸಕ್ರಿಯವಾಗಿ ಭಾಗವಹಿಸಿ ಪ್ರಶ್ನೆಗಳನ್ನು ಕೇಳಿದರು. ಸಹಾಯಕ ಪ್ರಾಧ್ಯಾಪಕರಾದ ಡಾ.ಕಿ. ಜ್ಯೋತಿ, ಶ್ರೀನಿವಾಸ್ ಹಾಗೂ ಇತರರು ಉಪಸ್ಥಿತರಿದ್ದರು. ವಿದ್ಯಾರ್ಥಿನಿ ನಿರೂಪಿಸಿದರು.
Printed by: H.S. PARAMESH,7th Cross, Srirama Nagara, Tumakuru-572101,Tumakuru Dist. Karnataka, Published & Owned by: RAGHU A.N,New Extension, Arakere post, Tumakuru-572106, Printed at : SRI LAKSHMI NARASIMHA OFFSET PRINTERS,7th Cross,
Srirama Nagara, Tumakuru-572101,Tumakuru Dist. Karnataka. Published at : At New Extension, Arakere post, Tumakuru -572106, Tumakuru Dist, Karnataka. Editor : RAGHU A.N,New Extension, Arakere post, Tumakuru -572106, Tumakuru Dist, Karnataka.
